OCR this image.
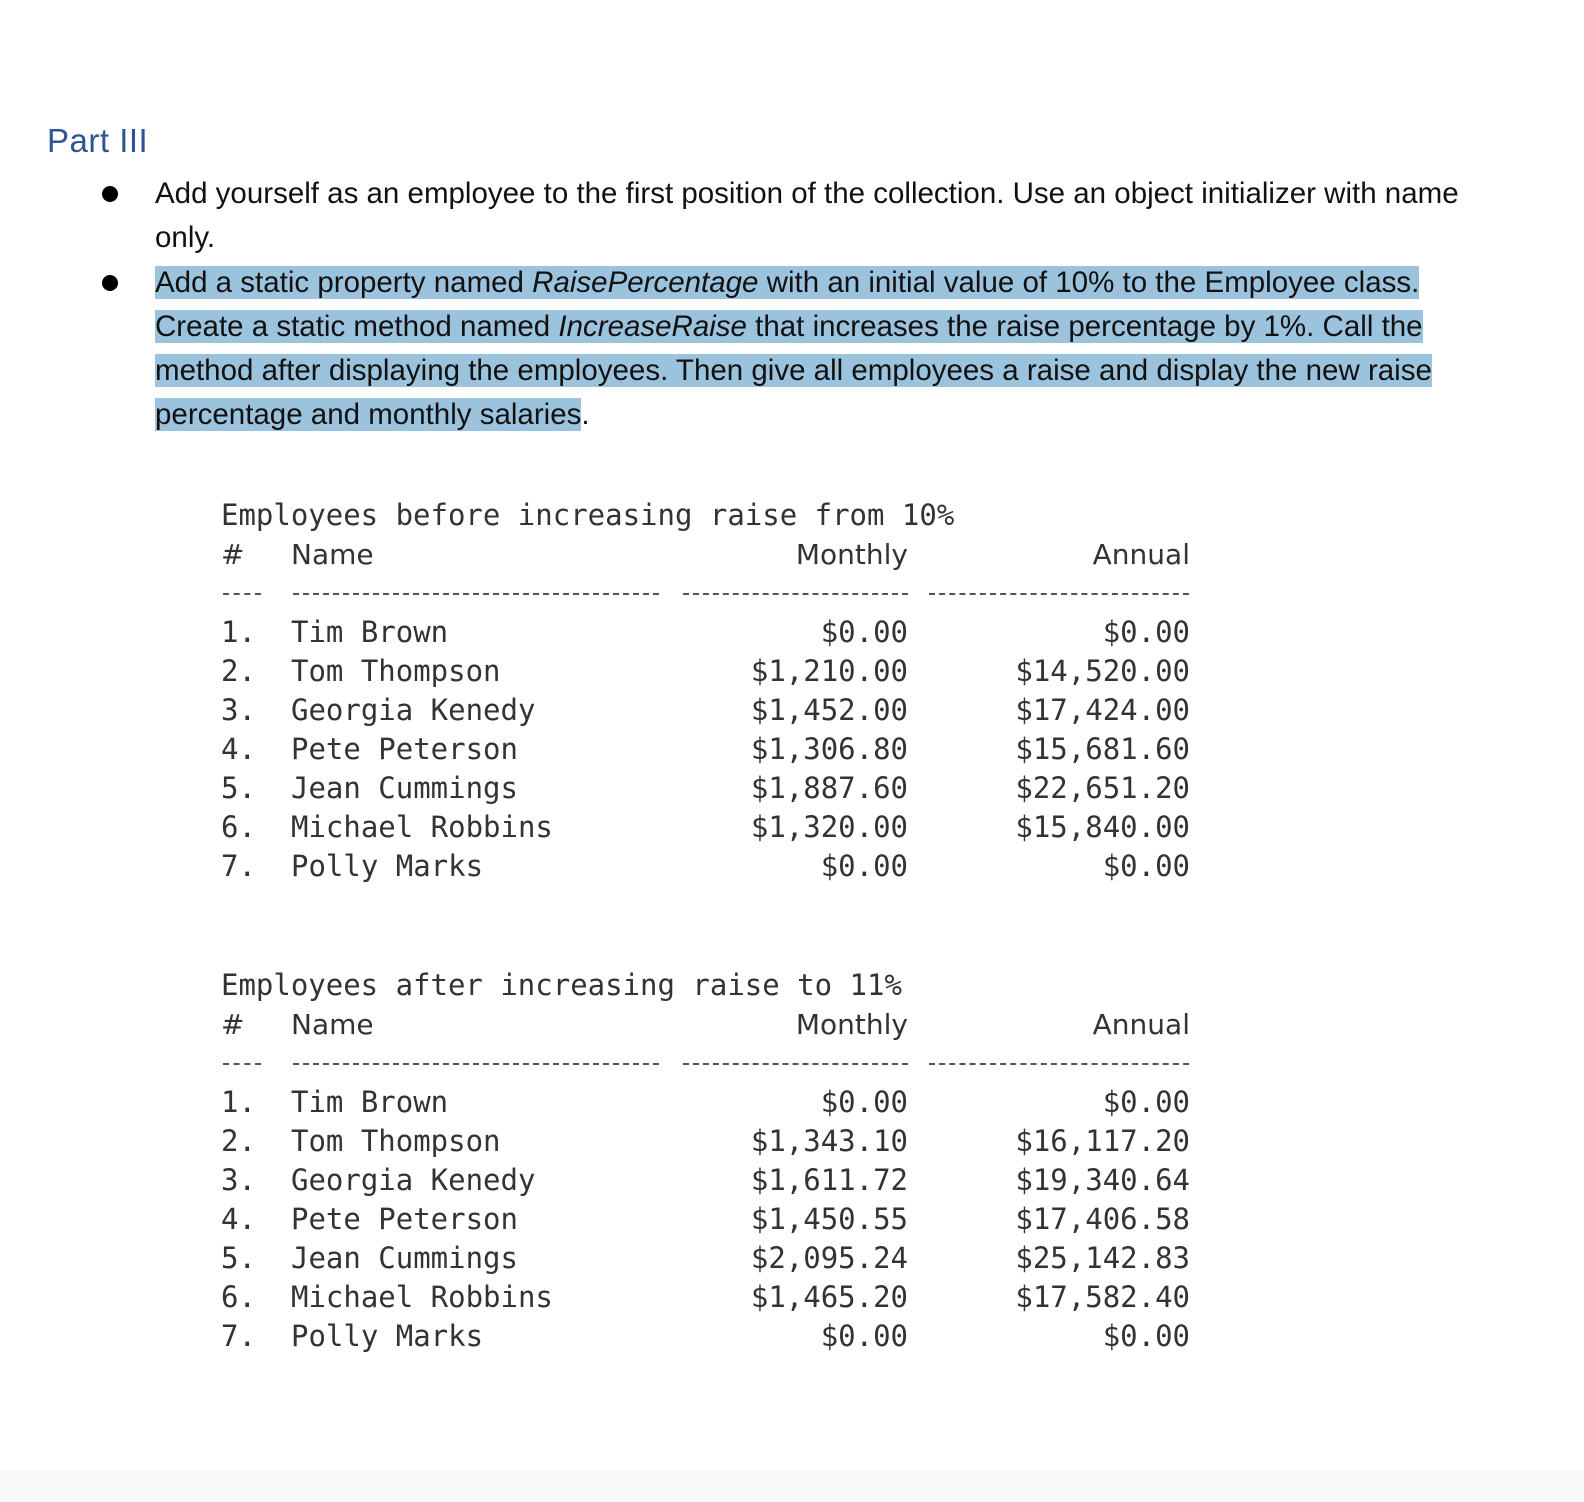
Part III
Add yourself as an employee to the first position of the collection. Use an object initializer with name only.
Add a static property named RaisePercentage with an initial value of 10% to the Employee class. Create a static method named IncreaseRaise that increases the raise percentage by 1%. Call the method after displaying the employees. Then give all employees a raise and display the new raise percentage and monthly salaries.
Employees before increasing raise from 10%
# Name	Monthly	Annual
1. Tim Brown	$0.00	$0.00
2. Tom Thompson	$1,210.00	$14,520.00
3. Georgia Kenedy	$1,452.00	$17,424.00
4. Pete Peterson	$1,306.80	$15,681.60
5. Jean Cummings	$1,887.60	$22,651.20
6. Michael Robbins	$1,320.00	$15,840.00
7. Polly Marks	$0.00	$0.00
Employees after increasing raise to 11%
# Name	Monthly	Annual
1. Tim Brown	$0.00	$0.00
2. Tom Thompson	$1,343.10	$16,117.20
3. Georgia Kenedy	$1,611.72	$19,340.64
4. Pete Peterson	$1,450.55	$17,406.58
5. Jean Cummings	$2,095.24	$25,142.83
6. Michael Robbins	$1,465.20	$17,582.40
7. Polly Marks	$0.00	$0.00
